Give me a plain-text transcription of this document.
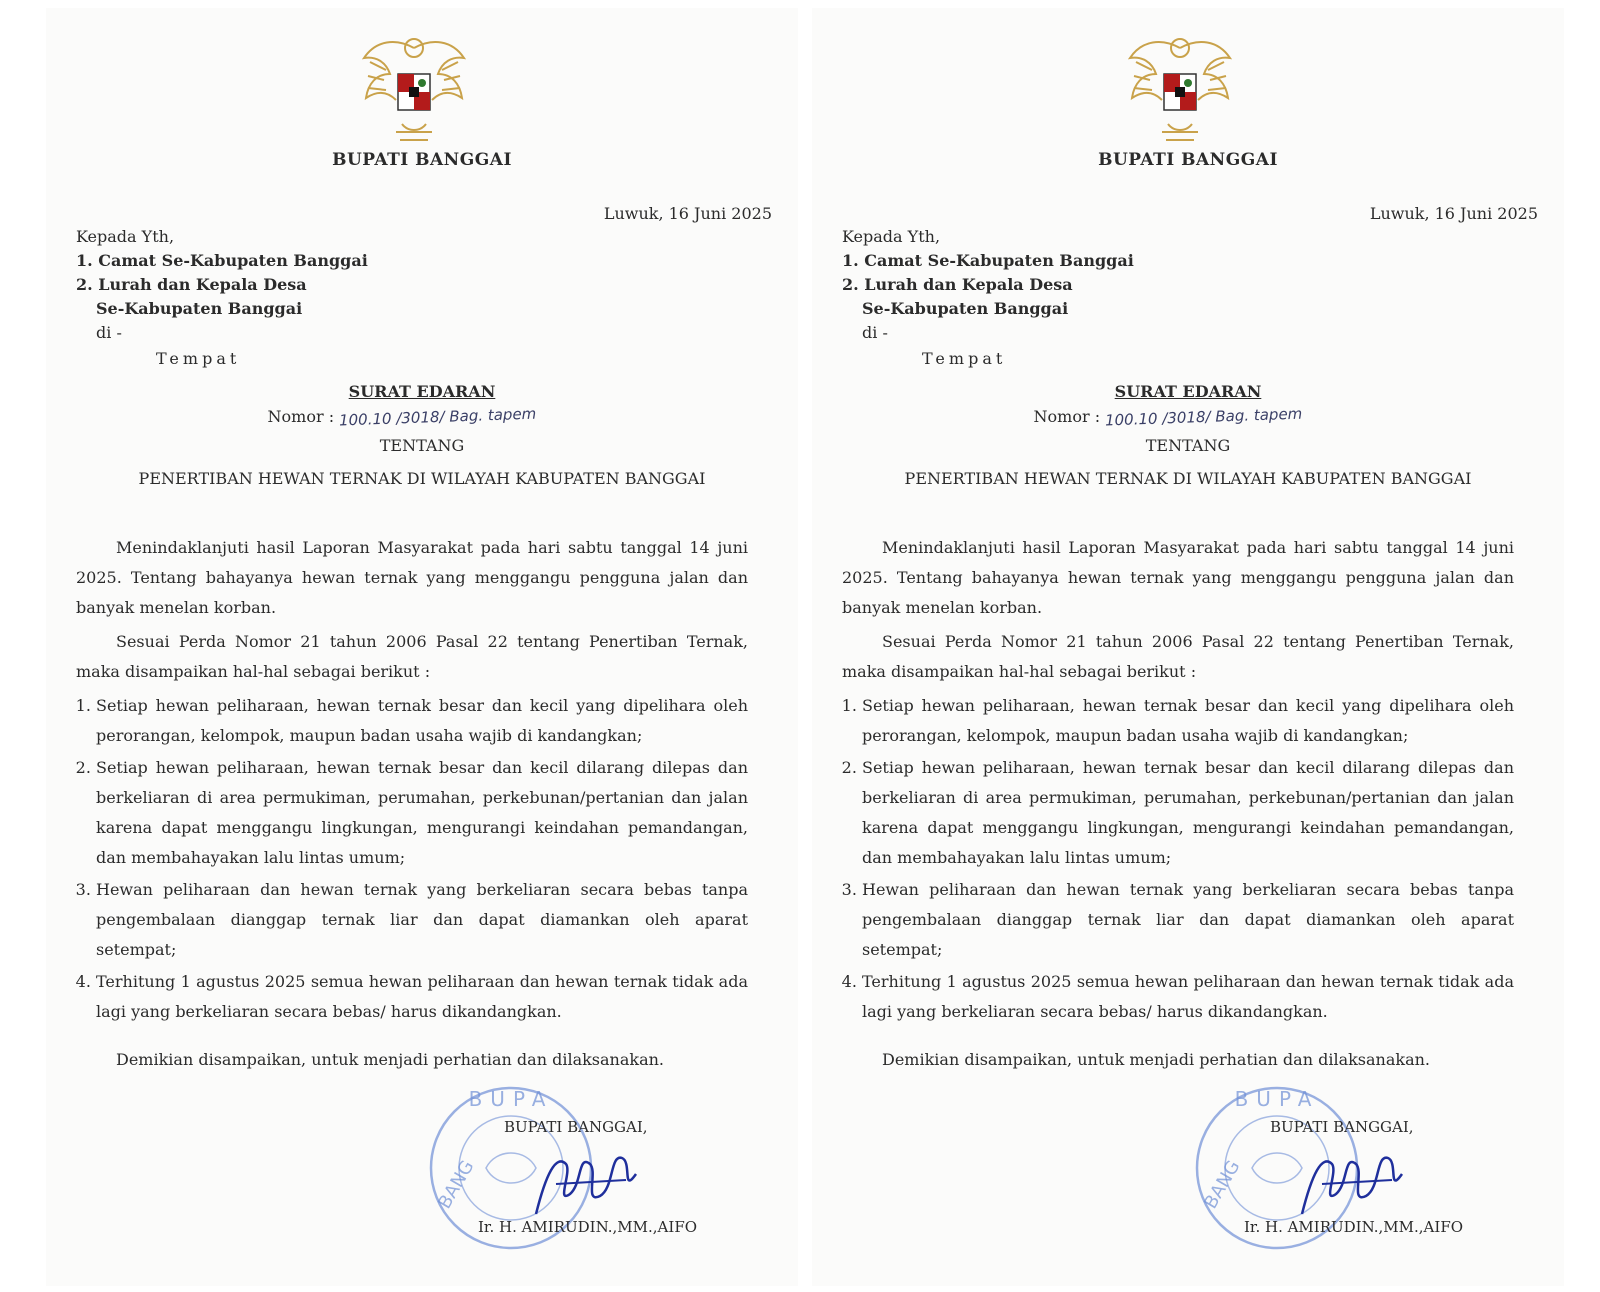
BUPATI BANGGAI
Luwuk, 16 Juni 2025
Kepada Yth,
1. Camat Se-Kabupaten Banggai
2. Lurah dan Kepala Desa
Se-Kabupaten Banggai
di -
Tempat
SURAT EDARAN
Nomor : 100.10 /3018/ Bag. tapem
TENTANG
PENERTIBAN HEWAN TERNAK DI WILAYAH KABUPATEN BANGGAI

Menindaklanjuti hasil Laporan Masyarakat pada hari sabtu tanggal 14 juni 2025. Tentang bahayanya hewan ternak yang menggangu pengguna jalan dan banyak menelan korban.

Sesuai Perda Nomor 21 tahun 2006 Pasal 22 tentang Penertiban Ternak, maka disampaikan hal-hal sebagai berikut :

1. Setiap hewan peliharaan, hewan ternak besar dan kecil yang dipelihara oleh perorangan, kelompok, maupun badan usaha wajib di kandangkan;
2. Setiap hewan peliharaan, hewan ternak besar dan kecil dilarang dilepas dan berkeliaran di area permukiman, perumahan, perkebunan/pertanian dan jalan karena dapat menggangu lingkungan, mengurangi keindahan pemandangan, dan membahayakan lalu lintas umum;
3. Hewan peliharaan dan hewan ternak yang berkeliaran secara bebas tanpa pengembalaan dianggap ternak liar dan dapat diamankan oleh aparat setempat;
4. Terhitung 1 agustus 2025 semua hewan peliharaan dan hewan ternak tidak ada lagi yang berkeliaran secara bebas/ harus dikandangkan.

Demikian disampaikan, untuk menjadi perhatian dan dilaksanakan.

BUPA
BANG
BUPATI BANGGAI,
Ir. H. AMIRUDIN.,MM.,AIFO
BUPATI BANGGAI
Luwuk, 16 Juni 2025
Kepada Yth,
1. Camat Se-Kabupaten Banggai
2. Lurah dan Kepala Desa
Se-Kabupaten Banggai
di -
Tempat
SURAT EDARAN
Nomor : 100.10 /3018/ Bag. tapem
TENTANG
PENERTIBAN HEWAN TERNAK DI WILAYAH KABUPATEN BANGGAI

Menindaklanjuti hasil Laporan Masyarakat pada hari sabtu tanggal 14 juni 2025. Tentang bahayanya hewan ternak yang menggangu pengguna jalan dan banyak menelan korban.

Sesuai Perda Nomor 21 tahun 2006 Pasal 22 tentang Penertiban Ternak, maka disampaikan hal-hal sebagai berikut :

1. Setiap hewan peliharaan, hewan ternak besar dan kecil yang dipelihara oleh perorangan, kelompok, maupun badan usaha wajib di kandangkan;
2. Setiap hewan peliharaan, hewan ternak besar dan kecil dilarang dilepas dan berkeliaran di area permukiman, perumahan, perkebunan/pertanian dan jalan karena dapat menggangu lingkungan, mengurangi keindahan pemandangan, dan membahayakan lalu lintas umum;
3. Hewan peliharaan dan hewan ternak yang berkeliaran secara bebas tanpa pengembalaan dianggap ternak liar dan dapat diamankan oleh aparat setempat;
4. Terhitung 1 agustus 2025 semua hewan peliharaan dan hewan ternak tidak ada lagi yang berkeliaran secara bebas/ harus dikandangkan.

Demikian disampaikan, untuk menjadi perhatian dan dilaksanakan.

BUPA
BANG
BUPATI BANGGAI,
Ir. H. AMIRUDIN.,MM.,AIFO
